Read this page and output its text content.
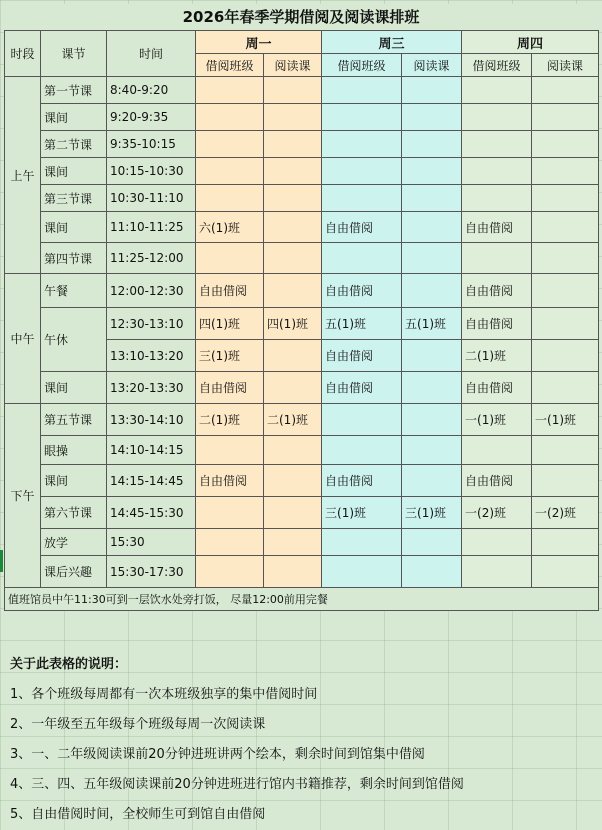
2026年春季学期借阅及阅读课排班
时段	课节	时间	周一		周三		周四	
			借阅班级	阅读课	借阅班级	阅读课	借阅班级	阅读课
上午	第一节课	8:40-9:20						
	课间	9:20-9:35						
	第二节课	9:35-10:15						
	课间	10:15-10:30						
	第三节课	10:30-11:10						
	课间	11:10-11:25	六(1)班		自由借阅		自由借阅	
	第四节课	11:25-12:00						
中午	午餐	12:00-12:30	自由借阅		自由借阅		自由借阅	
	午休	12:30-13:10	四(1)班	四(1)班	五(1)班	五(1)班	自由借阅	
		13:10-13:20	三(1)班		自由借阅		二(1)班	
	课间	13:20-13:30	自由借阅		自由借阅		自由借阅	
下午	第五节课	13:30-14:10	二(1)班	二(1)班			一(1)班	一(1)班
	眼操	14:10-14:15						
	课间	14:15-14:45	自由借阅		自由借阅		自由借阅	
	第六节课	14:45-15:30			三(1)班	三(1)班	一(2)班	一(2)班
	放学	15:30						
	课后兴趣	15:30-17:30						
值班馆员中午11:30可到一层饮水处旁打饭， 尽量12:00前用完餐								
关于此表格的说明：
1、各个班级每周都有一次本班级独享的集中借阅时间
2、一年级至五年级每个班级每周一次阅读课
3、一、二年级阅读课前20分钟进班讲两个绘本，剩余时间到馆集中借阅
4、三、四、五年级阅读课前20分钟进班进行馆内书籍推荐，剩余时间到馆借阅
5、自由借阅时间，全校师生可到馆自由借阅
